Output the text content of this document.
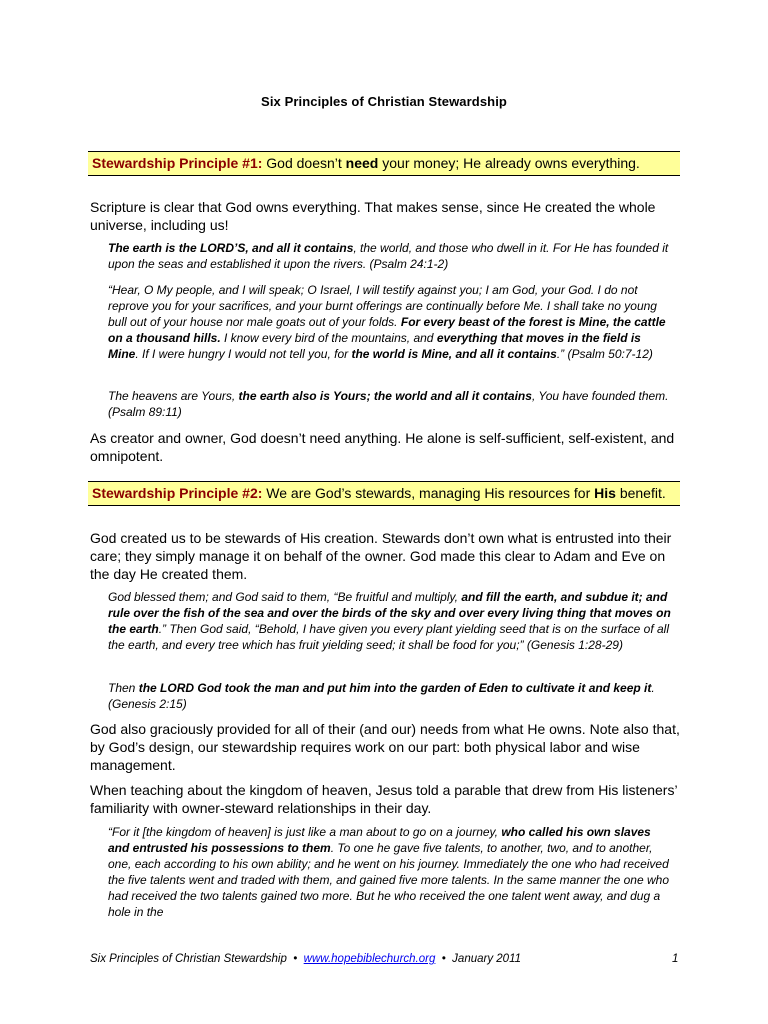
Six Principles of Christian Stewardship
Stewardship Principle #1: God doesn’t need your money; He already owns everything.
Scripture is clear that God owns everything. That makes sense, since He created the whole universe, including us!
The earth is the LORD’S, and all it contains, the world, and those who dwell in it. For He has founded it upon the seas and established it upon the rivers. (Psalm 24:1-2)
“Hear, O My people, and I will speak; O Israel, I will testify against you; I am God, your God. I do not reprove you for your sacrifices, and your burnt offerings are continually before Me. I shall take no young bull out of your house nor male goats out of your folds. For every beast of the forest is Mine, the cattle on a thousand hills. I know every bird of the mountains, and everything that moves in the field is Mine. If I were hungry I would not tell you, for the world is Mine, and all it contains.” (Psalm 50:7-12)
The heavens are Yours, the earth also is Yours; the world and all it contains, You have founded them. (Psalm 89:11)
As creator and owner, God doesn’t need anything. He alone is self-sufficient, self-existent, and omnipotent.
Stewardship Principle #2: We are God’s stewards, managing His resources for His benefit.
God created us to be stewards of His creation. Stewards don’t own what is entrusted into their care; they simply manage it on behalf of the owner. God made this clear to Adam and Eve on the day He created them.
God blessed them; and God said to them, “Be fruitful and multiply, and fill the earth, and subdue it; and rule over the fish of the sea and over the birds of the sky and over every living thing that moves on the earth.” Then God said, “Behold, I have given you every plant yielding seed that is on the surface of all the earth, and every tree which has fruit yielding seed; it shall be food for you;” (Genesis 1:28-29)
Then the LORD God took the man and put him into the garden of Eden to cultivate it and keep it. (Genesis 2:15)
God also graciously provided for all of their (and our) needs from what He owns. Note also that, by God’s design, our stewardship requires work on our part: both physical labor and wise management.
When teaching about the kingdom of heaven, Jesus told a parable that drew from His listeners’ familiarity with owner-steward relationships in their day.
“For it [the kingdom of heaven] is just like a man about to go on a journey, who called his own slaves and entrusted his possessions to them. To one he gave five talents, to another, two, and to another, one, each according to his own ability; and he went on his journey. Immediately the one who had received the five talents went and traded with them, and gained five more talents. In the same manner the one who had received the two talents gained two more. But he who received the one talent went away, and dug a hole in the
Six Principles of Christian Stewardship  •  www.hopebiblechurch.org  •  January 2011	1
